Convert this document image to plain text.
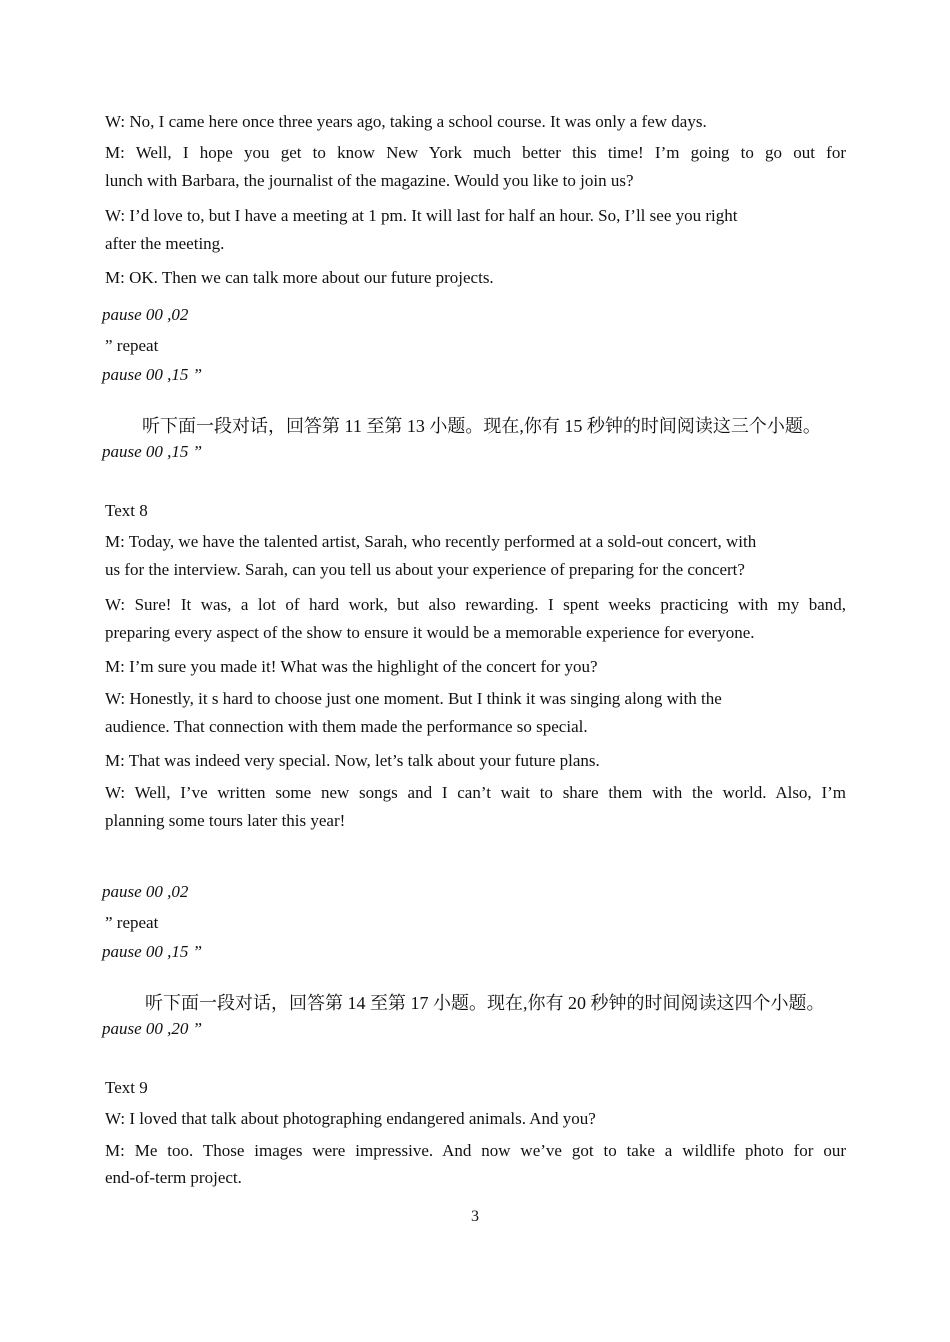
W: No, I came here once three years ago, taking a school course. It was only a few days.
M: Well, I hope you get to know New York much better this time! I’m going to go out for
lunch with Barbara, the journalist of the magazine. Would you like to join us?
W: I’d love to, but I have a meeting at 1 pm. It will last for half an hour. So, I’ll see you right
after the meeting.
M: OK. Then we can talk more about our future projects.
pause 00 ,02
” repeat
pause 00 ,15 ”
听下面一段对话，回答第 11 至第 13 小题。现在,你有 15 秒钟的时间阅读这三个小题。
pause 00 ,15 ”
Text 8
M: Today, we have the talented artist, Sarah, who recently performed at a sold-out concert, with
us for the interview. Sarah, can you tell us about your experience of preparing for the concert?
W: Sure! It was, a lot of hard work, but also rewarding. I spent weeks practicing with my band,
preparing every aspect of the show to ensure it would be a memorable experience for everyone.
M: I’m sure you made it! What was the highlight of the concert for you?
W: Honestly, it s hard to choose just one moment. But I think it was singing along with the
audience. That connection with them made the performance so special.
M: That was indeed very special. Now, let’s talk about your future plans.
W: Well, I’ve written some new songs and I can’t wait to share them with the world. Also, I’m
planning some tours later this year!
pause 00 ,02
” repeat
pause 00 ,15 ”
听下面一段对话，回答第 14 至第 17 小题。现在,你有 20 秒钟的时间阅读这四个小题。
pause 00 ,20 ”
Text 9
W: I loved that talk about photographing endangered animals. And you?
M: Me too. Those images were impressive. And now we’ve got to take a wildlife photo for our
end-of-term project.
3
